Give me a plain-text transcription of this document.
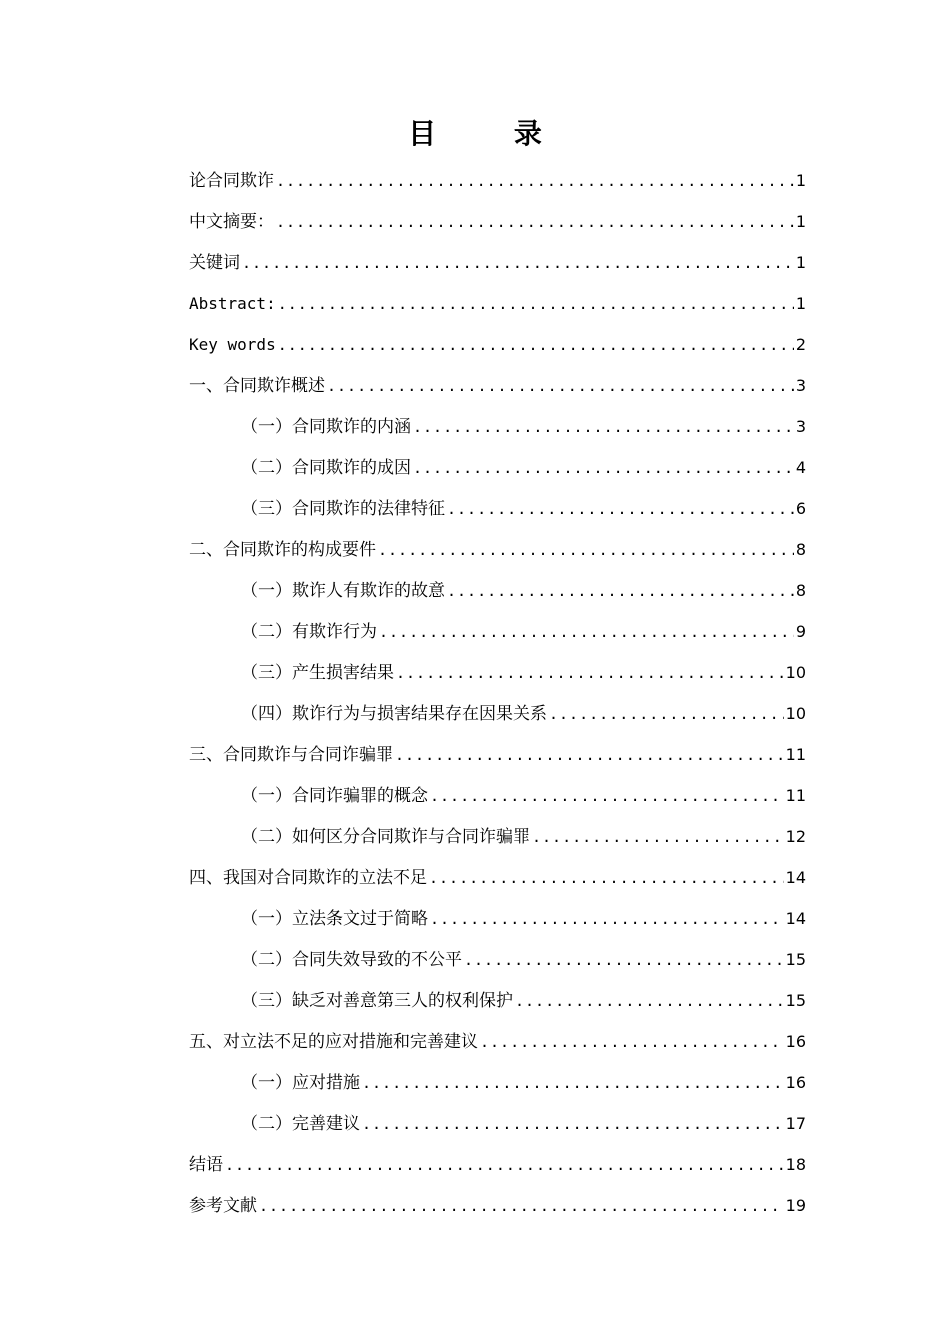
目 录
论合同欺诈 .....	1
中文摘要： .....	1
关键词 .....	1
Abstract: .....	1
Key words .....	2
一、合同欺诈概述 .....	3
（一）合同欺诈的内涵 .....	3
（二）合同欺诈的成因 .....	4
（三）合同欺诈的法律特征 .....	6
二、合同欺诈的构成要件 .....	8
（一）欺诈人有欺诈的故意 .....	8
（二）有欺诈行为 .....	9
（三）产生损害结果 .....	10
（四）欺诈行为与损害结果存在因果关系 .....	10
三、合同欺诈与合同诈骗罪 .....	11
（一）合同诈骗罪的概念 .....	11
（二）如何区分合同欺诈与合同诈骗罪 .....	12
四、我国对合同欺诈的立法不足 .....	14
（一）立法条文过于简略 .....	14
（二）合同失效导致的不公平 .....	15
（三）缺乏对善意第三人的权利保护 .....	15
五、对立法不足的应对措施和完善建议 .....	16
（一）应对措施 .....	16
（二）完善建议 .....	17
结语 .....	18
参考文献 .....	19
